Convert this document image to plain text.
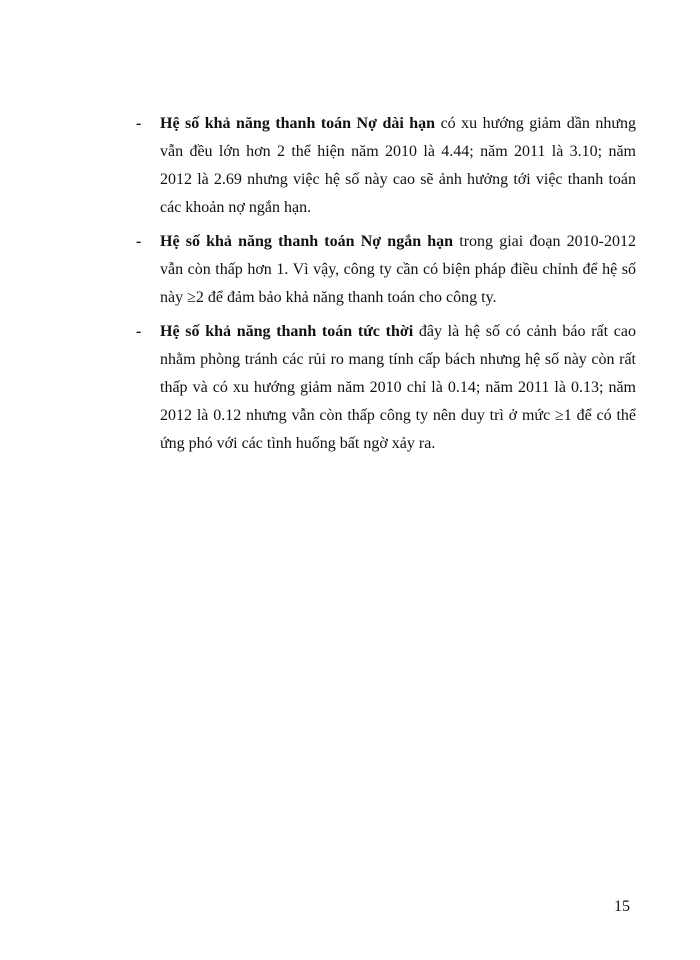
- Hệ số khả năng thanh toán Nợ dài hạn có xu hướng giảm dần nhưng vẫn đều lớn hơn 2 thể hiện năm 2010 là 4.44; năm 2011 là 3.10; năm 2012 là 2.69 nhưng việc hệ số này cao sẽ ảnh hưởng tới việc thanh toán các khoản nợ ngắn hạn.
- Hệ số khả năng thanh toán Nợ ngắn hạn trong giai đoạn 2010-2012 vẫn còn thấp hơn 1. Vì vậy, công ty cần có biện pháp điều chỉnh để hệ số này ≥2 để đảm bảo khả năng thanh toán cho công ty.
- Hệ số khả năng thanh toán tức thời đây là hệ số có cảnh báo rất cao nhằm phòng tránh các rủi ro mang tính cấp bách nhưng hệ số này còn rất thấp và có xu hướng giảm năm 2010 chỉ là 0.14; năm 2011 là 0.13; năm 2012 là 0.12 nhưng vẫn còn thấp công ty nên duy trì ở mức ≥1 để có thể ứng phó với các tình huống bất ngờ xảy ra.
15
